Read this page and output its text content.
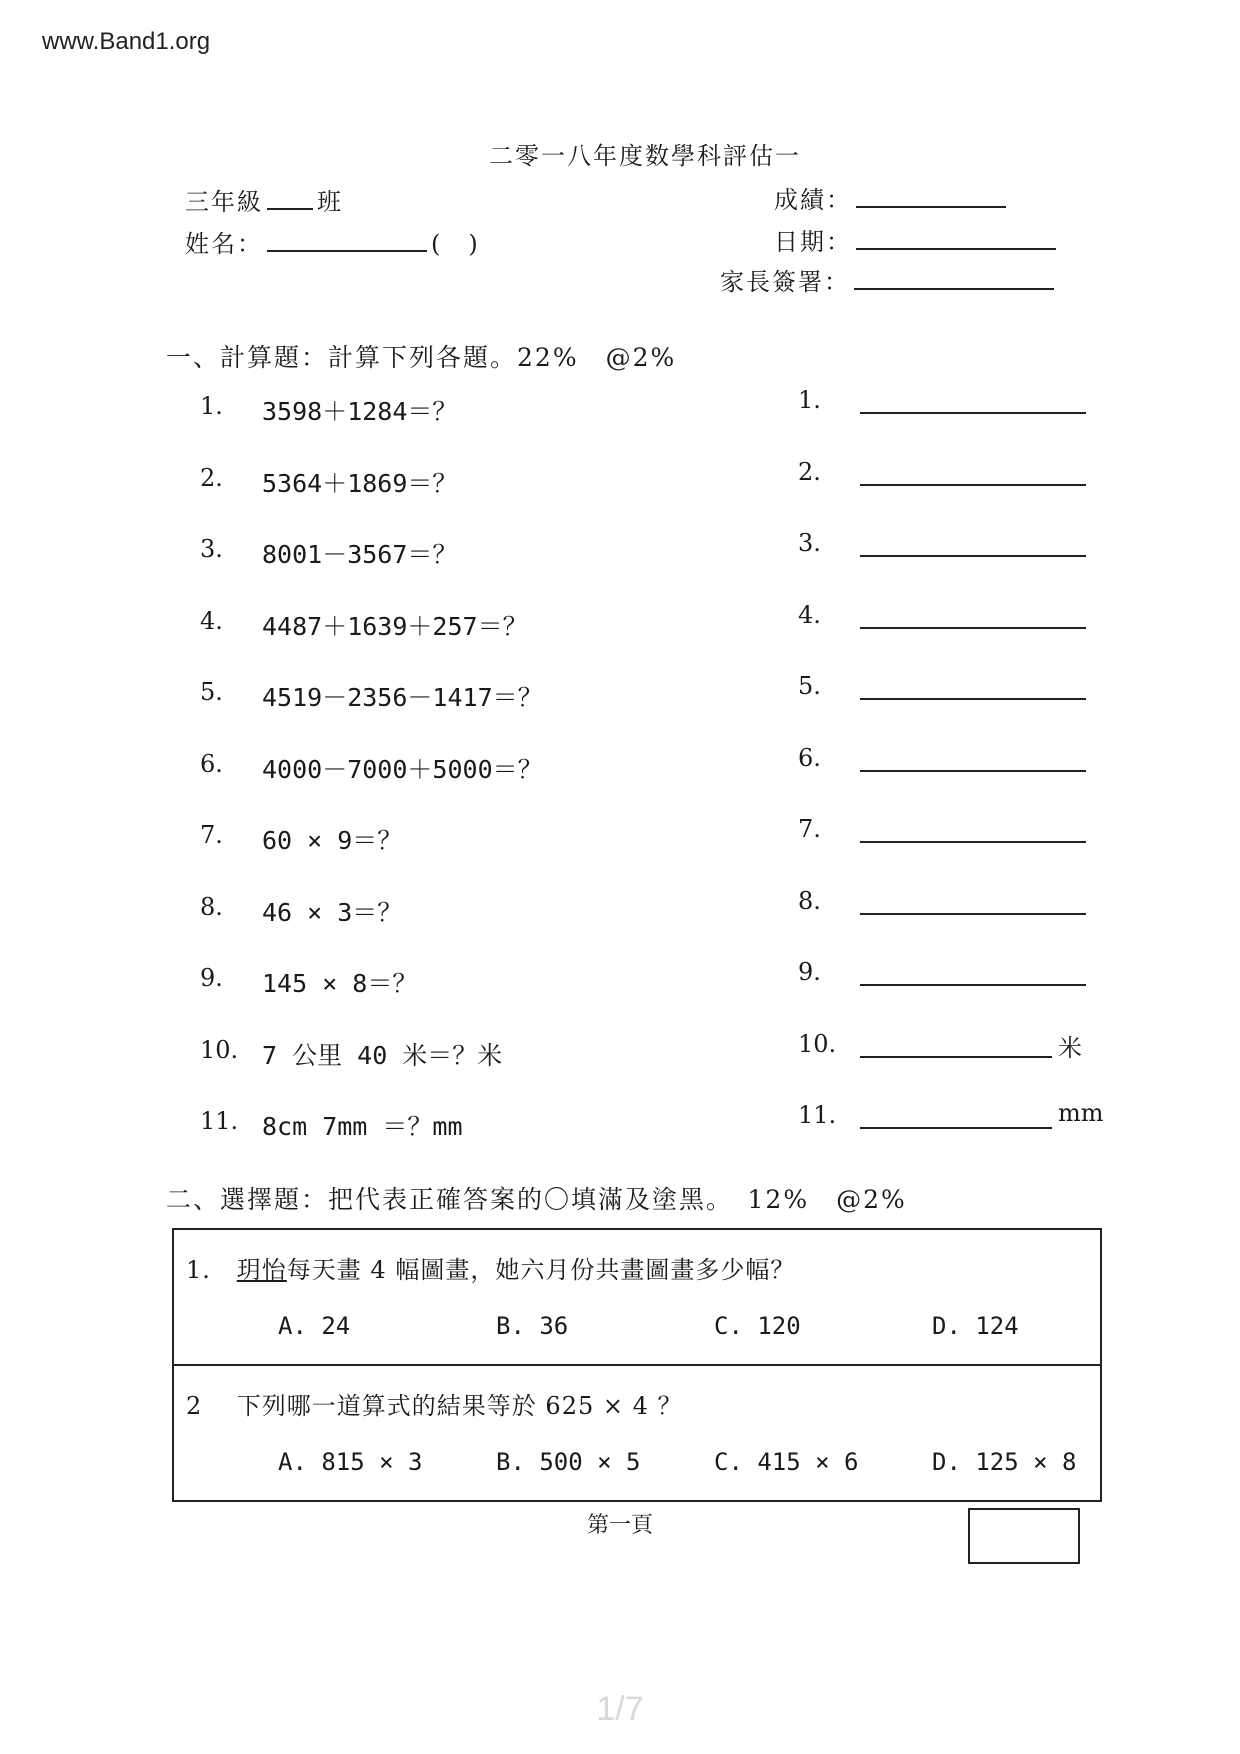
www.Band1.org
二零一八年度数學科評估一
三年級 班
姓名：	(　)
成績：
日期：
家長簽署：
一、計算題：計算下列各題。22%　@2%
1.	3598＋1284＝？	1.
2.	5364＋1869＝？	2.
3.	8001－3567＝？	3.
4.	4487＋1639＋257＝？	4.
5.	4519－2356－1417＝？	5.
6.	4000－7000＋5000＝？	6.
7.	60 × 9＝？	7.
8.	46 × 3＝？	8.
9.	145 × 8＝？	9.
10. 7 公里 40 米＝？米	10.	米
11. 8cm 7mm ＝？mm	11.	mm
二、選擇題：把代表正確答案的〇填滿及塗黑。　12%　@2%
1. 玥怡每天畫 4 幅圖畫，她六月份共畫圖畫多少幅？
A. 24	B. 36	C. 120	D. 124
2 下列哪一道算式的結果等於 625 × 4 ？
A. 815 × 3	B. 500 × 5	C. 415 × 6	D. 125 × 8
第一頁
1/7
